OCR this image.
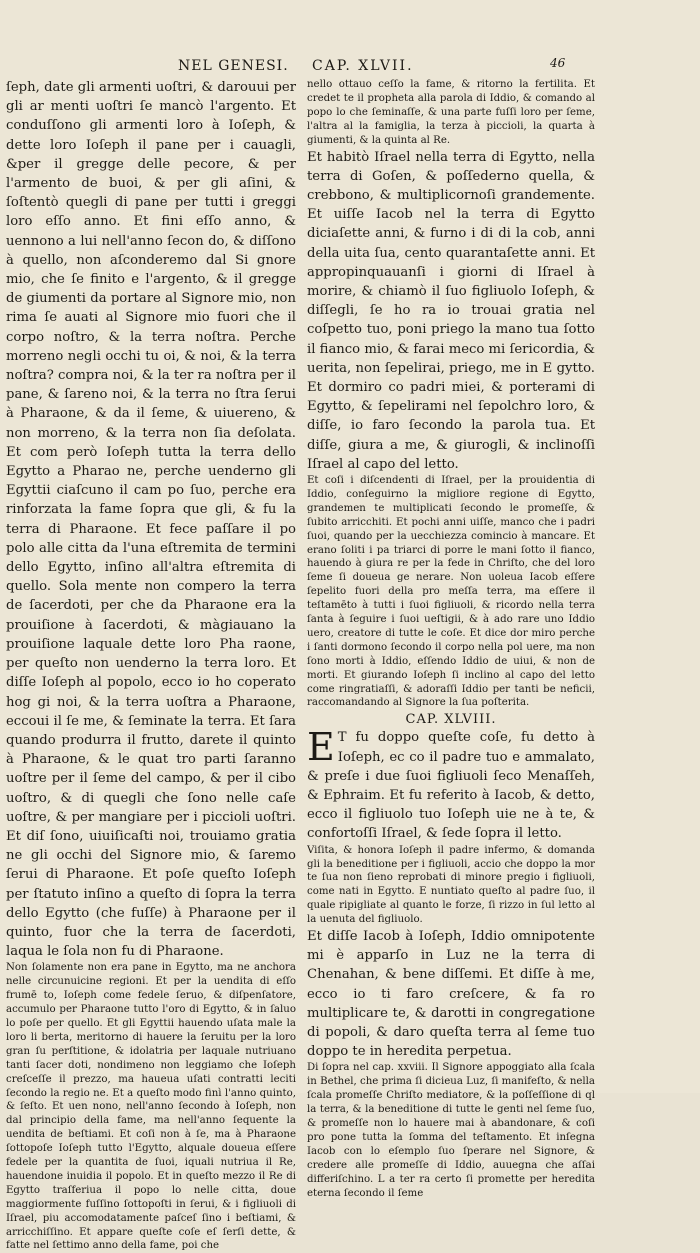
NEL GENESI. CAP. XLVII.	46

ſeph, date gli armenti uoſtri, & darouui per gli ar menti uoſtri ſe mancò l'argento. Et conduſſono gli armenti loro à Ioſeph, & dette loro Ioſeph il pane per i cauagli, &per il gregge delle pecore, & per l'armento de buoi, & per gli aſini, & ſoſtentò quegli di pane per tutti i greggi loro eſſo anno. Et fini eſſo anno, & uennono a lui nell'anno ſecon do, & diſſono à quello, non aſconderemo dal Si gnore mio, che ſe finito e l'argento, & il gregge de giumenti da portare al Signore mio, non rima ſe auati al Signore mio fuori che il corpo noſtro, & la terra noſtra. Perche morreno negli occhi tu oi, & noi, & la terra noſtra? compra noi, & la ter ra noſtra per il pane, & ſareno noi, & la terra no ſtra ſerui à Pharaone, & da il ſeme, & uiuereno, & non morreno, & la terra non ſia deſolata. Et com però Ioſeph tutta la terra dello Egytto a Pharao ne, perche uenderno gli Egyttii ciaſcuno il cam po ſuo, perche era rinforzata la fame ſopra que gli, & fu la terra di Pharaone. Et fece paſſare il po polo alle citta da l'una eſtremita de termini dello Egytto, inſino all'altra eſtremita di quello. Sola mente non compero la terra de ſacerdoti, per che da Pharaone era la prouiſione à ſacerdoti, & màgiauano la prouiſione laquale dette loro Pha raone, per queſto non uenderno la terra loro. Et diſſe Ioſeph al popolo, ecco io ho coperato hog gi noi, & la terra uoſtra a Pharaone, eccoui il ſe me, & ſeminate la terra. Et ſara quando produrra il frutto, darete il quinto à Pharaone, & le quat tro parti ſaranno uoſtre per il ſeme del campo, & per il cibo uoſtro, & di quegli che ſono nelle caſe uoſtre, & per mangiare per i piccioli uoſtri. Et diſ ſono, uiuiſicaſti noi, trouiamo gratia ne gli occhi del Signore mio, & ſaremo ſerui di Pharaone. Et poſe queſto Ioſeph per ſtatuto inſino a queſto di ſopra la terra dello Egytto (che fuſſe) à Pharaone per il quinto, fuor che la terra de ſacerdoti, laqua le ſola non fu di Pharaone.

Non ſolamente non era pane in Egytto, ma ne anchora nelle circunuicine regioni. Et per la uendita di eſſo frumē to, Ioſeph come fedele ſeruo, & diſpenſatore, accumulo per Pharaone tutto l'oro di Egytto, & in ſaluo lo poſe per quello. Et gli Egyttii hauendo uſata male la loro li berta, meritorno di hauere la ſeruitu per la loro gran ſu perſtitione, & idolatria per laquale nutriuano tanti ſacer doti, nondimeno non leggiamo che Ioſeph creſceſſe il prezzo, ma haueua uſati contratti leciti ſecondo la regio ne. Et a queſto modo finì l'anno quinto, & ſeſto. Et uen nono, nell'anno ſecondo à Ioſeph, non dal principio della fame, ma nell'anno ſequente la uendita de beſtiami. Et coſi non à ſe, ma à Pharaone ſottopoſe Ioſeph tutto l'Egytto, alquale doueua eſſere fedele per la quantita de ſuoi, iquali nutriua il Re, hauendone inuidia il popolo. Et in queſto mezzo il Re di Egytto traſferiua il popo lo nelle citta, doue maggiormente fuſſino ſottopoſti in ſerui, & i figliuoli di Iſrael, piu accomodatamente paſceſ ſino i beſtiami, & arricchiſſino. Et appare queſte coſe eſ ſerſi dette, & fatte nel ſettimo anno della fame, poi che

nello ottauo ceſſo la fame, & ritorno la fertilita. Et credet te il propheta alla parola di Iddio, & comando al popo lo che ſeminaſſe, & una parte fuſſi loro per ſeme, l'altra al la famiglia, la terza à piccioli, la quarta à giumenti, & la quinta al Re.

Et habitò Iſrael nella terra di Egytto, nella terra di Goſen, & poſſederno quella, & crebbono, & multiplicornoſi grandemente. Et uiſſe Iacob nel la terra di Egytto diciaſette anni, & furno i di di la cob, anni della uita ſua, cento quarantaſette anni. Et appropinquauanſi i giorni di Iſrael à morire, & chiamò il ſuo figliuolo Ioſeph, & diſſegli, ſe ho ra io trouai gratia nel coſpetto tuo, poni priego la mano tua ſotto il fianco mio, & farai meco mi ſericordia, & uerita, non ſepelirai, priego, me in E gytto. Et dormiro co padri miei, & porterami di Egytto, & ſepelirami nel ſepolchro loro, & diſſe, io faro ſecondo la parola tua. Et diſſe, giura a me, & giurogli, & inclinoſſi Iſrael al capo del letto.

Et coſi i diſcendenti di Iſrael, per la prouidentia di Iddio, conſeguirno la migliore regione di Egytto, grandemen te multiplicati ſecondo le promeſſe, & ſubito arricchiti. Et pochi anni uiſſe, manco che i padri ſuoi, quando per la uecchiezza comincio à mancare. Et erano ſoliti i pa triarci di porre le mani ſotto il fianco, hauendo à giura re per la fede in Chriſto, che del loro ſeme ſi doueua ge nerare. Non uoleua Iacob eſſere ſepelito fuori della pro meſſa terra, ma eſſere il teſtamēto à tutti i ſuoi figliuoli, & ricordo nella terra ſanta à ſeguire i ſuoi ueſtigii, & à ado rare uno Iddio uero, creatore di tutte le coſe. Et dice dor miro perche i ſanti dormono ſecondo il corpo nella pol uere, ma non ſono morti à Iddio, eſſendo Iddio de uiui, & non de morti. Et giurando Ioſeph ſi inclino al capo del letto come ringratiaſſi, & adoraſſi Iddio per tanti be neficii, raccomandando al Signore la ſua poſterita.

CAP. XLVIII.

E T fu doppo queſte coſe, fu detto à Ioſeph, ec co il padre tuo e ammalato, & preſe i due ſuoi figliuoli ſeco Menaſſeh, & Ephraim. Et fu referito à Iacob, & detto, ecco il figliuolo tuo Ioſeph uie ne à te, & confortoſſi Iſrael, & ſede ſopra il letto.

Viſita, & honora Ioſeph il padre infermo, & domanda gli la beneditione per i figliuoli, accio che doppo la mor te ſua non ſieno reprobati di minore pregio i figliuoli, come nati in Egytto. E nuntiato queſto al padre ſuo, il quale ripigliate al quanto le forze, ſi rizzo in ſul letto al la uenuta del figliuolo.

Et diſſe Iacob à Ioſeph, Iddio omnipotente mi è apparſo in Luz ne la terra di Chenahan, & bene diſſemi. Et diſſe à me, ecco io ti faro creſcere, & fa ro multiplicare te, & darotti in congregatione di popoli, & daro queſta terra al ſeme tuo doppo te in heredita perpetua.

Di ſopra nel cap. xxviii. Il Signore appoggiato alla ſcala in Bethel, che prima ſi dicieua Luz, ſi manifeſto, & nella ſcala promeſſe Chriſto mediatore, & la poſſeſſione di ql la terra, & la beneditione di tutte le genti nel ſeme ſuo, & promeſſe non lo hauere mai à abandonare, & coſi pro pone tutta la ſomma del teſtamento. Et inſegna Iacob con lo eſemplo ſuo ſperare nel Signore, & credere alle promeſſe di Iddio, auuegna che aſſai differiſchino. L a ter ra certo ſi promette per heredita eterna ſecondo il ſeme
